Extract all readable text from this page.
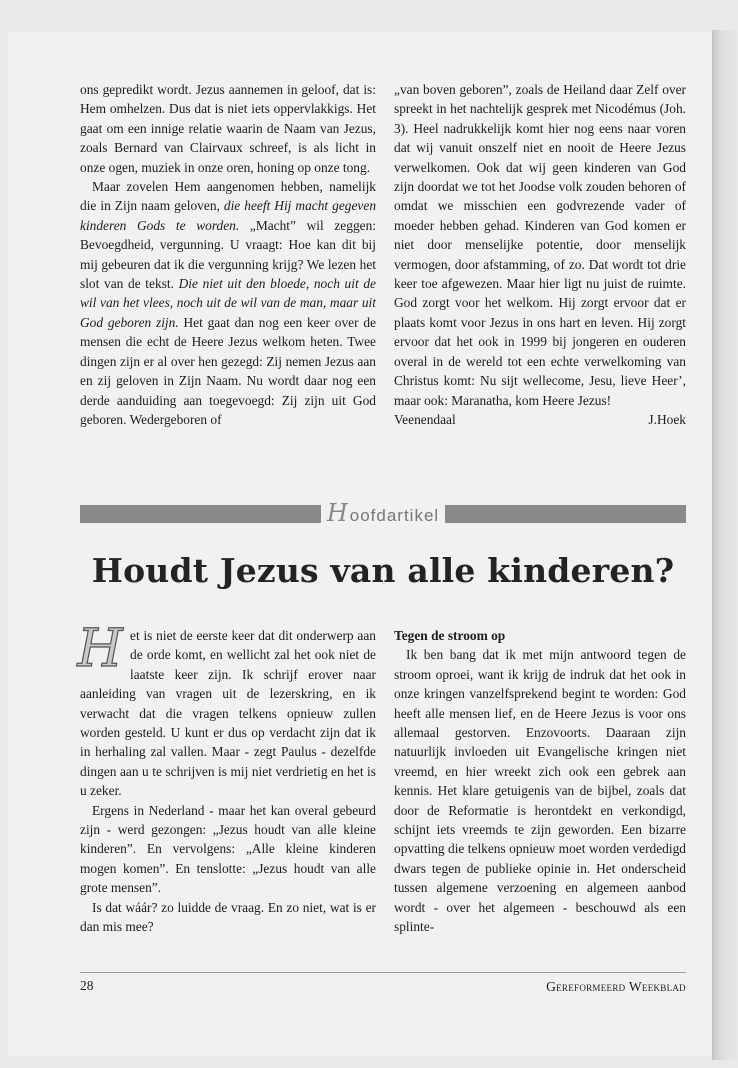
ons gepredikt wordt. Jezus aannemen in geloof, dat is: Hem omhelzen. Dus dat is niet iets oppervlakkigs. Het gaat om een innige relatie waarin de Naam van Jezus, zoals Bernard van Clairvaux schreef, is als licht in onze ogen, muziek in onze oren, honing op onze tong.

Maar zovelen Hem aangenomen hebben, namelijk die in Zijn naam geloven, die heeft Hij macht gegeven kinderen Gods te worden. „Macht” wil zeggen: Bevoegdheid, vergunning. U vraagt: Hoe kan dit bij mij gebeuren dat ik die vergunning krijg? We lezen het slot van de tekst. Die niet uit den bloede, noch uit de wil van het vlees, noch uit de wil van de man, maar uit God geboren zijn. Het gaat dan nog een keer over de mensen die echt de Heere Jezus welkom heten. Twee dingen zijn er al over hen gezegd: Zij nemen Jezus aan en zij geloven in Zijn Naam. Nu wordt daar nog een derde aanduiding aan toegevoegd: Zij zijn uit God geboren. Wedergeboren of

„van boven geboren”, zoals de Heiland daar Zelf over spreekt in het nachtelijk gesprek met Nicodémus (Joh. 3). Heel nadrukkelijk komt hier nog eens naar voren dat wij vanuit onszelf niet en nooit de Heere Jezus verwelkomen. Ook dat wij geen kinderen van God zijn doordat we tot het Joodse volk zouden behoren of omdat we misschien een godvrezende vader of moeder hebben gehad. Kinderen van God komen er niet door menselijke potentie, door menselijk vermogen, door afstamming, of zo. Dat wordt tot drie keer toe afgewezen. Maar hier ligt nu juist de ruimte. God zorgt voor het welkom. Hij zorgt ervoor dat er plaats komt voor Jezus in ons hart en leven. Hij zorgt ervoor dat het ook in 1999 bij jongeren en ouderen overal in de wereld tot een echte verwelkoming van Christus komt: Nu sijt wellecome, Jesu, lieve Heer’, maar ook: Maranatha, kom Heere Jezus!

Veenendaal	J.Hoek
Hoofdartikel
Houdt Jezus van alle kinderen?

Het is niet de eerste keer dat dit onderwerp aan de orde komt, en wellicht zal het ook niet de laatste keer zijn. Ik schrijf erover naar aanleiding van vragen uit de lezerskring, en ik verwacht dat die vragen telkens opnieuw zullen worden gesteld. U kunt er dus op verdacht zijn dat ik in herhaling zal vallen. Maar - zegt Paulus - dezelfde dingen aan u te schrijven is mij niet verdrietig en het is u zeker.

Ergens in Nederland - maar het kan overal gebeurd zijn - werd gezongen: „Jezus houdt van alle kleine kinderen”. En vervolgens: „Alle kleine kinderen mogen komen”. En tenslotte: „Jezus houdt van alle grote mensen”.

Is dat wáár? zo luidde de vraag. En zo niet, wat is er dan mis mee?

Tegen de stroom op

Ik ben bang dat ik met mijn antwoord tegen de stroom oproei, want ik krijg de indruk dat het ook in onze kringen vanzelfsprekend begint te worden: God heeft alle mensen lief, en de Heere Jezus is voor ons allemaal gestorven. Enzovoorts. Daaraan zijn natuurlijk invloeden uit Evangelische kringen niet vreemd, en hier wreekt zich ook een gebrek aan kennis. Het klare getuigenis van de bijbel, zoals dat door de Reformatie is herontdekt en verkondigd, schijnt iets vreemds te zijn geworden. Een bizarre opvatting die telkens opnieuw moet worden verdedigd dwars tegen de publieke opinie in. Het onderscheid tussen algemene verzoening en algemeen aanbod wordt - over het algemeen - beschouwd als een splinte-

28	Gereformeerd Weekblad
